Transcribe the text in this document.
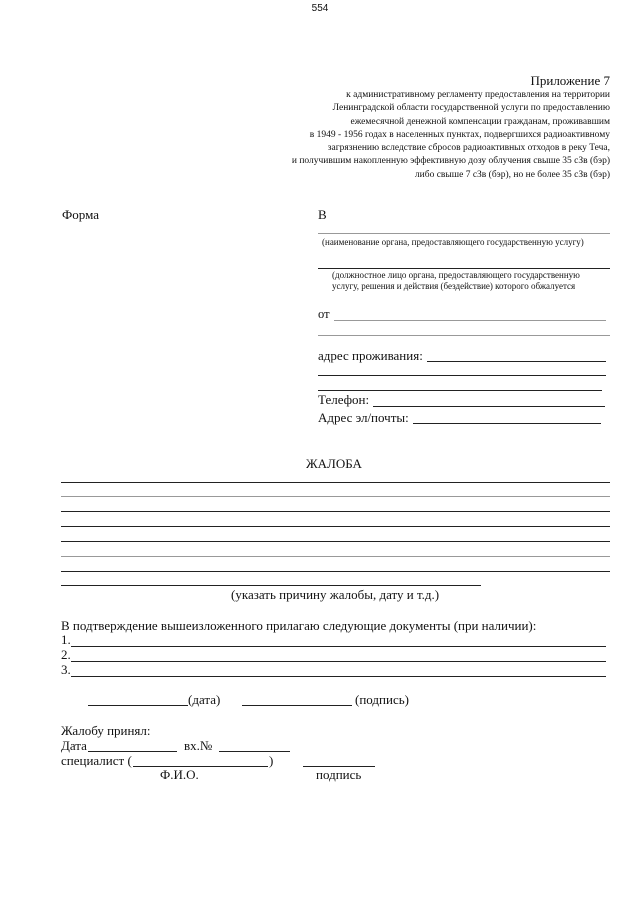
554
Приложение 7
к административному регламенту предоставления на территории
Ленинградской области государственной услуги по предоставлению
ежемесячной денежной компенсации гражданам, проживавшим
в 1949 - 1956 годах в населенных пунктах, подвергшихся радиоактивному
загрязнению вследствие сбросов радиоактивных отходов в реку Теча,
и получившим накопленную эффективную дозу облучения свыше 35 сЗв (бэр)
либо свыше 7 сЗв (бэр), но не более 35 сЗв (бэр)
Форма	В
(наименование органа, предоставляющего государственную услугу)
(должностное лицо органа, предоставляющего государственную
услугу, решения и действия (бездействие) которого обжалуется
от
адрес проживания:
Телефон:
Адрес эл/почты:
ЖАЛОБА
(указать причину жалобы, дату и т.д.)
В подтверждение вышеизложенного прилагаю следующие документы (при наличии):
1.
2.
3.
(дата)	(подпись)
Жалобу принял:
Дата	вх.№
специалист (	)
Ф.И.О.	подпись
